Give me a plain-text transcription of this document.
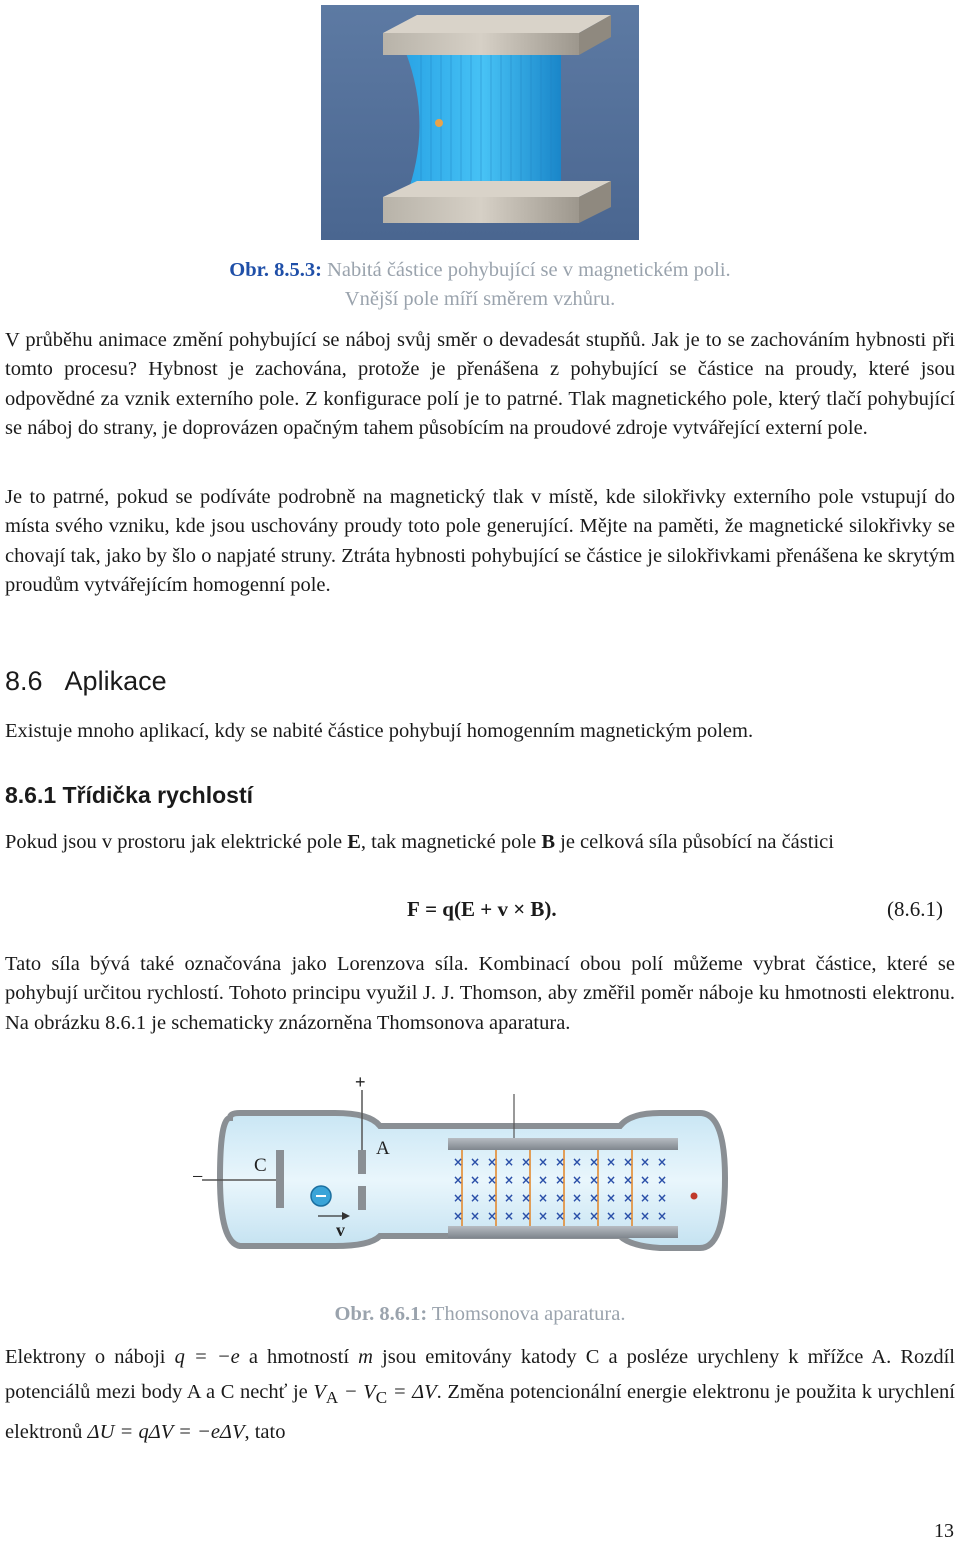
Obr. 8.5.3: Nabitá částice pohybující se v magnetickém poli.
Vnější pole míří směrem vzhůru.

V průběhu animace změní pohybující se náboj svůj směr o devadesát stupňů. Jak je to se zachováním hybnosti při tomto procesu? Hybnost je zachována, protože je přenášena z pohybující se částice na proudy, které jsou odpovědné za vznik externího pole. Z konfigurace polí je to patrné. Tlak magnetického pole, který tlačí pohybující se náboj do strany, je doprovázen opačným tahem působícím na proudové zdroje vytvářející externí pole.

Je to patrné, pokud se podíváte podrobně na magnetický tlak v místě, kde silokřivky externího pole vstupují do místa svého vzniku, kde jsou uschovány proudy toto pole generující. Mějte na paměti, že magnetické silokřivky se chovají tak, jako by šlo o napjaté struny. Ztráta hybnosti pohybující se částice je silokřivkami přenášena ke skrytým proudům vytvářejícím homogenní pole.

8.6 Aplikace

Existuje mnoho aplikací, kdy se nabité částice pohybují homogenním magnetickým polem.

8.6.1 Třídička rychlostí

Pokud jsou v prostoru jak elektrické pole E, tak magnetické pole B je celková síla působící na částici

F = q(E + v × B).	(8.6.1)

Tato síla bývá také označována jako Lorenzova síla. Kombinací obou polí můžeme vybrat částice, které se pohybují určitou rychlostí. Tohoto principu využil J. J. Thomson, aby změřil poměr náboje ku hmotnosti elektronu. Na obrázku 8.6.1 je schematicky znázorněna Thomsonova aparatura.

−
C
+
A
× × × × × × × × × × × × ×
× × × × × × × × × × × × ×
× × × × × × × × × × × × ×
× × × × × × × × × × × × ×
v
Obr. 8.6.1: Thomsonova aparatura.

Elektrony o náboji q = −e a hmotností m jsou emitovány katody C a posléze urychleny k mřížce A. Rozdíl potenciálů mezi body A a C nechť je $V_A - V_C = \Delta V$. Změna potencionální energie elektronu je použita k urychlení elektronů ΔU = qΔV = −eΔV, tato

13
